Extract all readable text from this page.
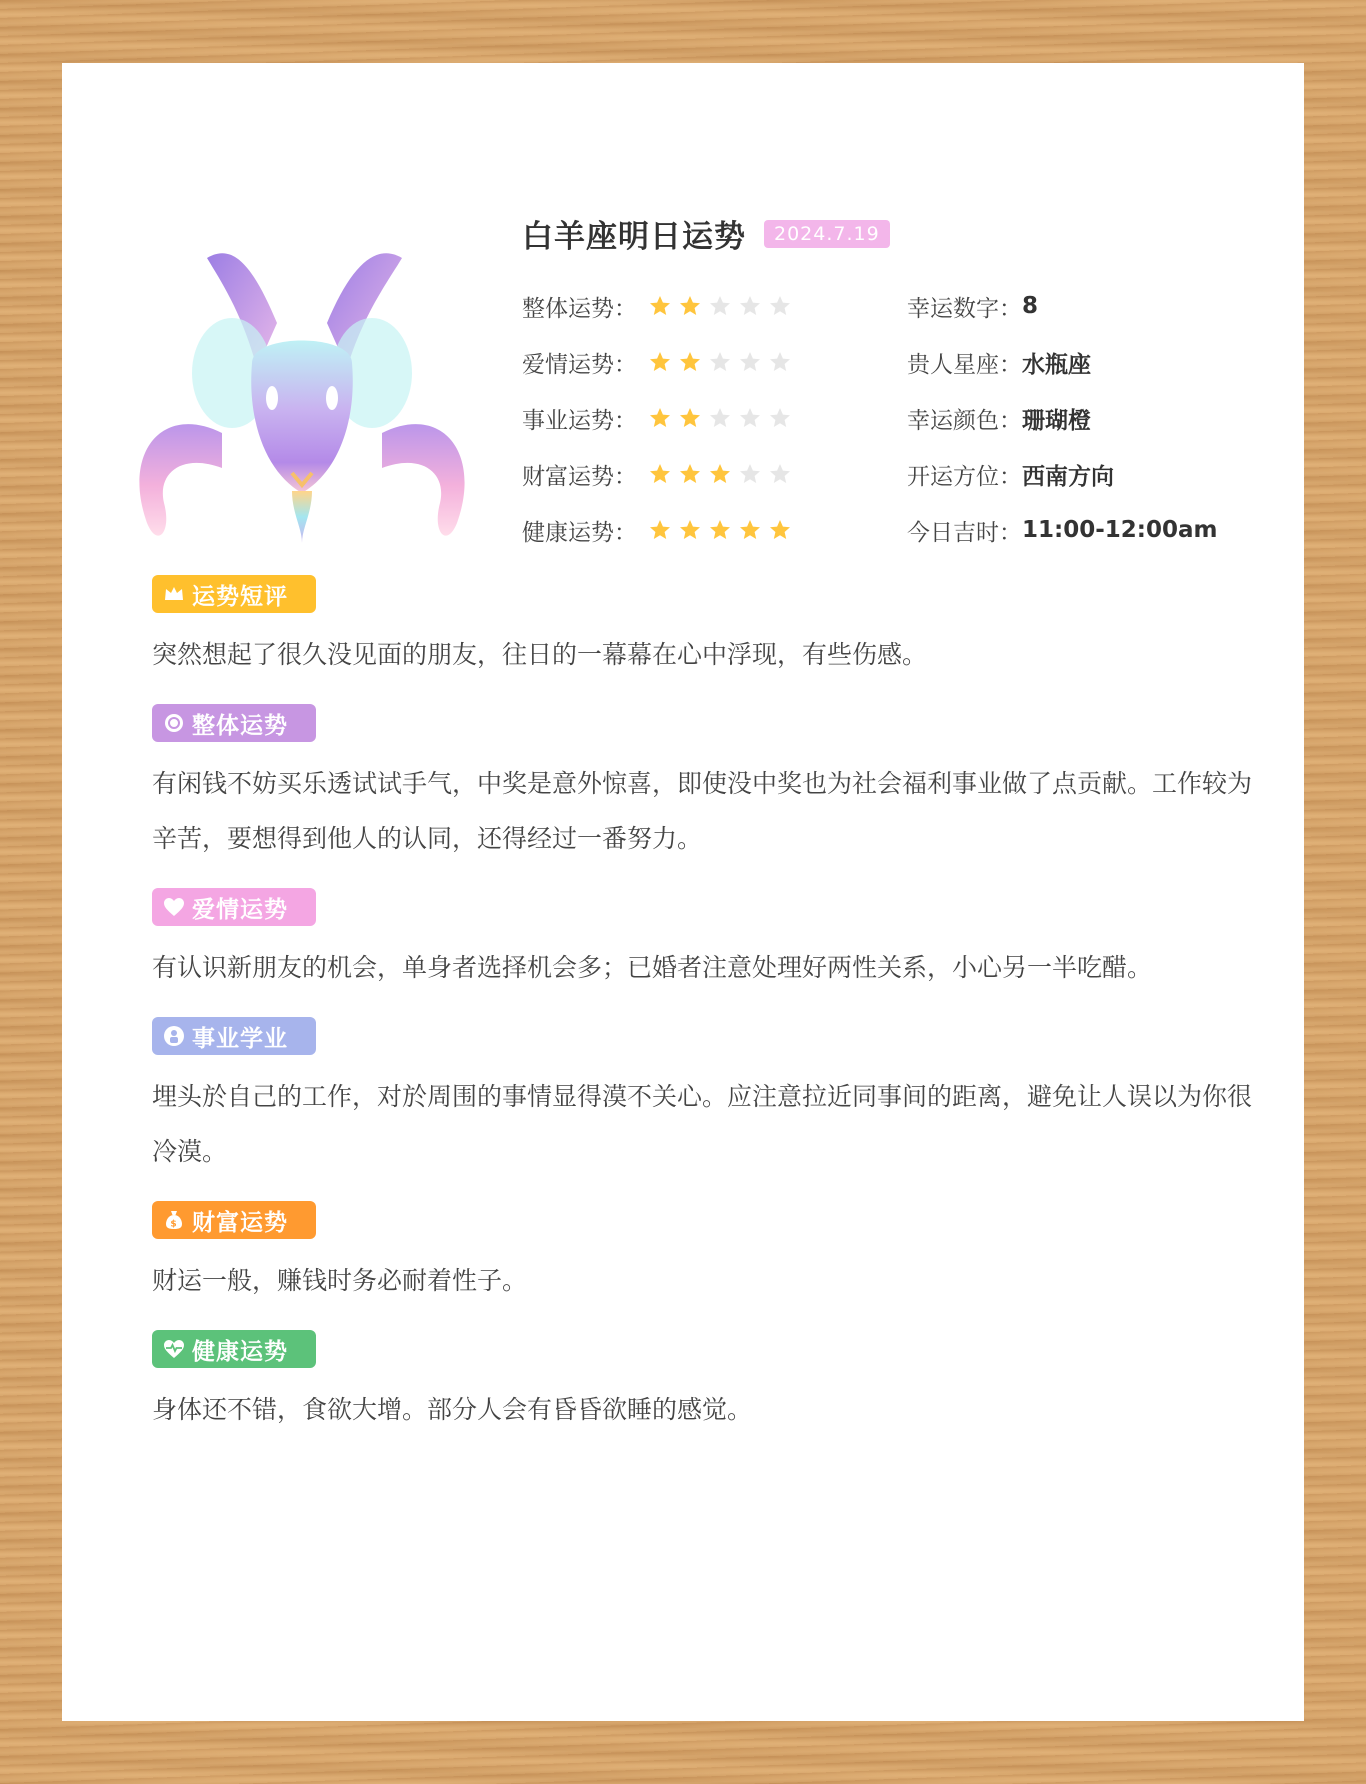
白羊座明日运势	2024.7.19
整体运势：
爱情运势：
事业运势：
财富运势：
健康运势：
幸运数字： 8
贵人星座： 水瓶座
幸运颜色： 珊瑚橙
开运方位： 西南方向
今日吉时： 11:00-12:00am
运势短评

突然想起了很久没见面的朋友，往日的一幕幕在心中浮现，有些伤感。

整体运势

有闲钱不妨买乐透试试手气，中奖是意外惊喜，即使没中奖也为社会福利事业做了点贡献。工作较为辛苦，要想得到他人的认同，还得经过一番努力。

爱情运势

有认识新朋友的机会，单身者选择机会多；已婚者注意处理好两性关系，小心另一半吃醋。

事业学业

埋头於自己的工作，对於周围的事情显得漠不关心。应注意拉近同事间的距离，避免让人误以为你很冷漠。

$ 财富运势

财运一般，赚钱时务必耐着性子。

健康运势

身体还不错，食欲大增。部分人会有昏昏欲睡的感觉。
